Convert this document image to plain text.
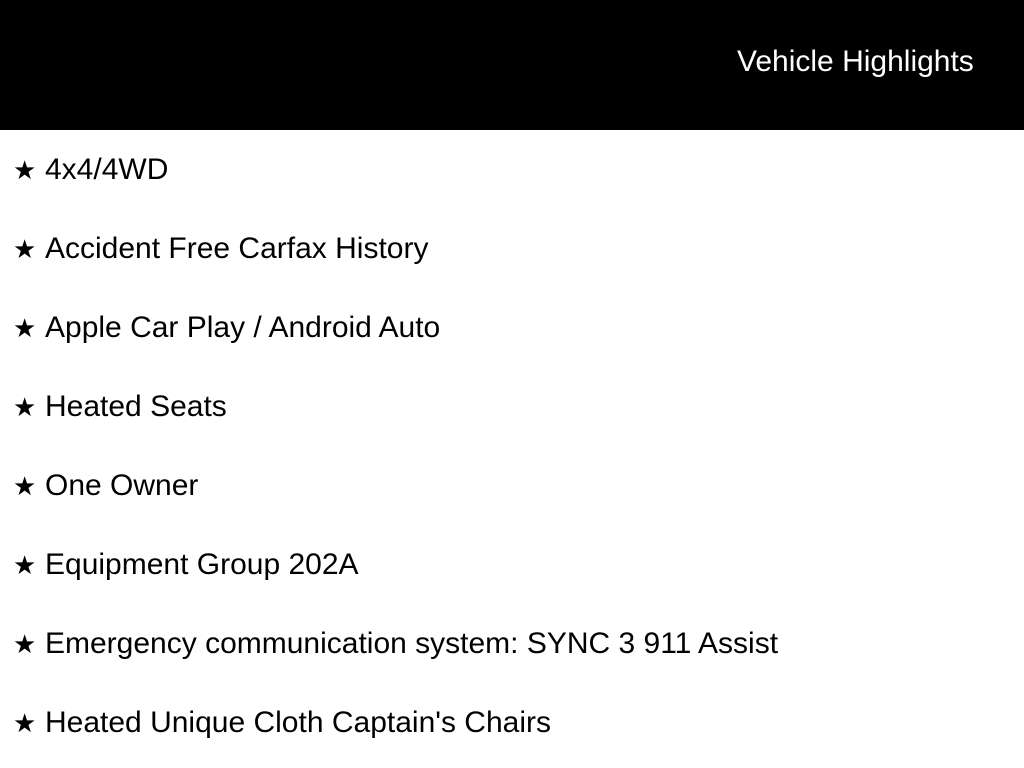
Vehicle Highlights
★ 4x4/4WD
★ Accident Free Carfax History
★ Apple Car Play / Android Auto
★ Heated Seats
★ One Owner
★ Equipment Group 202A
★ Emergency communication system: SYNC 3 911 Assist
★ Heated Unique Cloth Captain's Chairs
